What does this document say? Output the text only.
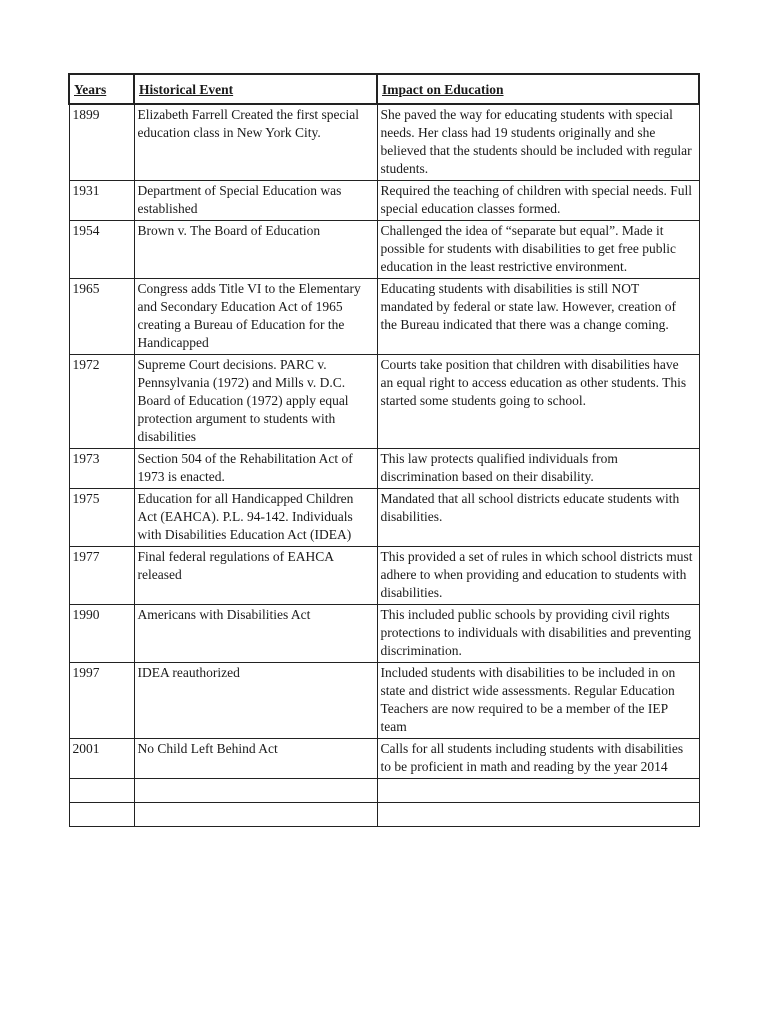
Years	Historical Event	Impact on Education
1899	Elizabeth Farrell Created the first special education class in New York City.	She paved the way for educating students with special needs. Her class had 19 students originally and she believed that the students should be included with regular students.
1931	Department of Special Education was established	Required the teaching of children with special needs. Full special education classes formed.
1954	Brown v. The Board of Education	Challenged the idea of “separate but equal”. Made it possible for students with disabilities to get free public education in the least restrictive environment.
1965	Congress adds Title VI to the Elementary and Secondary Education Act of 1965 creating a Bureau of Education for the Handicapped	Educating students with disabilities is still NOT mandated by federal or state law. However, creation of the Bureau indicated that there was a change coming.
1972	Supreme Court decisions. PARC v. Pennsylvania (1972) and Mills v. D.C. Board of Education (1972) apply equal protection argument to students with disabilities	Courts take position that children with disabilities have an equal right to access education as other students. This started some students going to school.
1973	Section 504 of the Rehabilitation Act of 1973 is enacted.	This law protects qualified individuals from discrimination based on their disability.
1975	Education for all Handicapped Children Act (EAHCA). P.L. 94-142. Individuals with Disabilities Education Act (IDEA)	Mandated that all school districts educate students with disabilities.
1977	Final federal regulations of EAHCA released	This provided a set of rules in which school districts must adhere to when providing and education to students with disabilities.
1990	Americans with Disabilities Act	This included public schools by providing civil rights protections to individuals with disabilities and preventing discrimination.
1997	IDEA reauthorized	Included students with disabilities to be included in on state and district wide assessments. Regular Education Teachers are now required to be a member of the IEP team
2001	No Child Left Behind Act	Calls for all students including students with disabilities to be proficient in math and reading by the year 2014
